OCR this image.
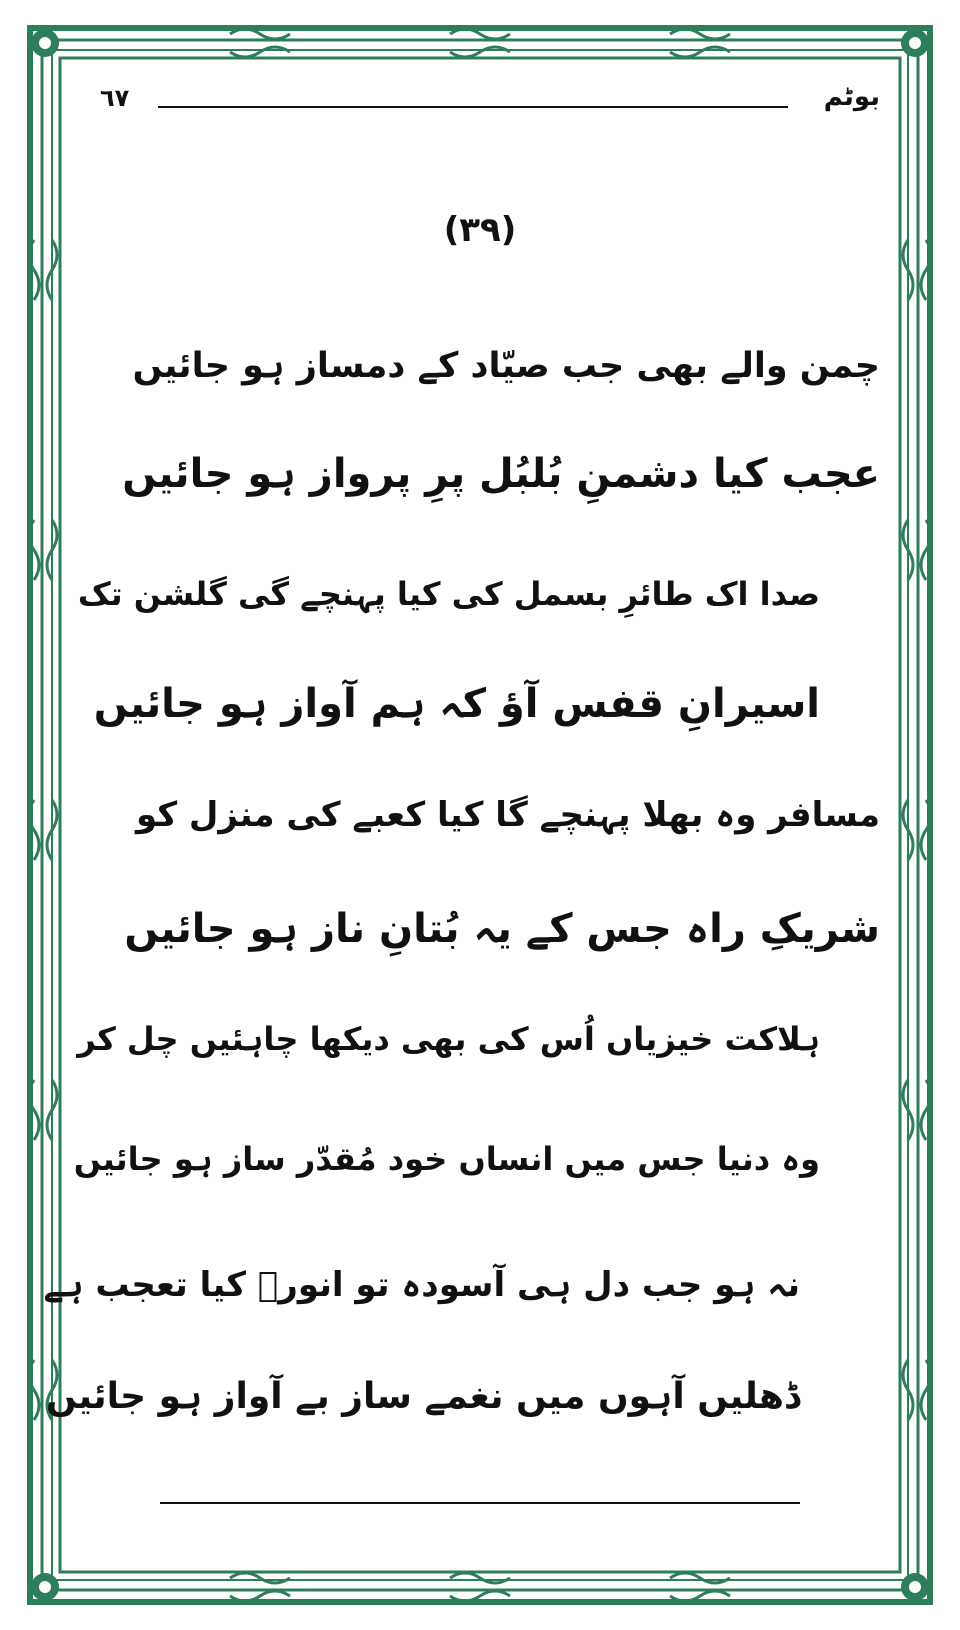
٦٧	بوٹم
(۳۹)
چمن والے بھی جب صیّاد کے دمساز ہو جائیں
عجب کیا دشمنِ بُلبُل پرِ پرواز ہو جائیں
صدا اک طائرِ بسمل کی کیا پہنچے گی گلشن تک
اسیرانِ قفس آؤ کہ ہم آواز ہو جائیں
مسافر وہ بھلا پہنچے گا کیا کعبے کی منزل کو
شریکِ راہ جس کے یہ بُتانِ ناز ہو جائیں
ہلاکت خیزیاں اُس کی بھی دیکھا چاہئیں چل کر
وہ دنیا جس میں انساں خود مُقدّر ساز ہو جائیں
نہ ہو جب دل ہی آسودہ تو انورؔ کیا تعجب ہے
ڈھلیں آہوں میں نغمے ساز بے آواز ہو جائیں
